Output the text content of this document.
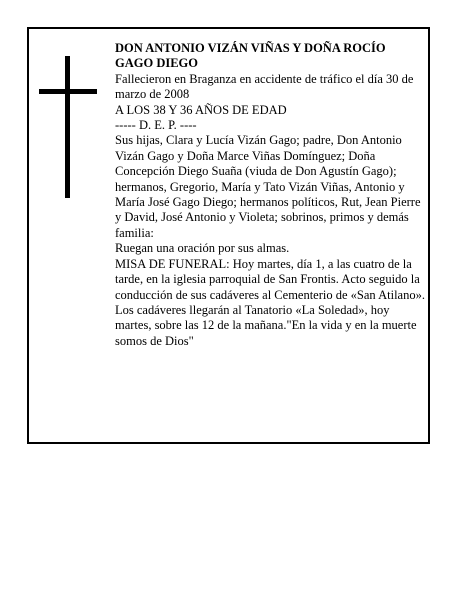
DON ANTONIO VIZÁN VIÑAS Y DOÑA ROCÍO GAGO DIEGO

Fallecieron en Braganza en accidente de tráfico el día 30 de marzo de 2008

A LOS 38 Y 36 AÑOS DE EDAD

----- D. E. P. ----

Sus hijas, Clara y Lucía Vizán Gago; padre, Don Antonio Vizán Gago y Doña Marce Viñas Domínguez; Doña Concepción Diego Suaña (viuda de Don Agustín Gago); hermanos, Gregorio, María y Tato Vizán Viñas, Antonio y María José Gago Diego; hermanos políticos, Rut, Jean Pierre y David, José Antonio y Violeta; sobrinos, primos y demás familia:

Ruegan una oración por sus almas.

MISA DE FUNERAL: Hoy martes, día 1, a las cuatro de la tarde, en la iglesia parroquial de San Frontis. Acto seguido la conducción de sus cadáveres al Cementerio de «San Atilano».

Los cadáveres llegarán al Tanatorio «La Soledad», hoy martes, sobre las 12 de la mañana."En la vida y en la muerte somos de Dios"
